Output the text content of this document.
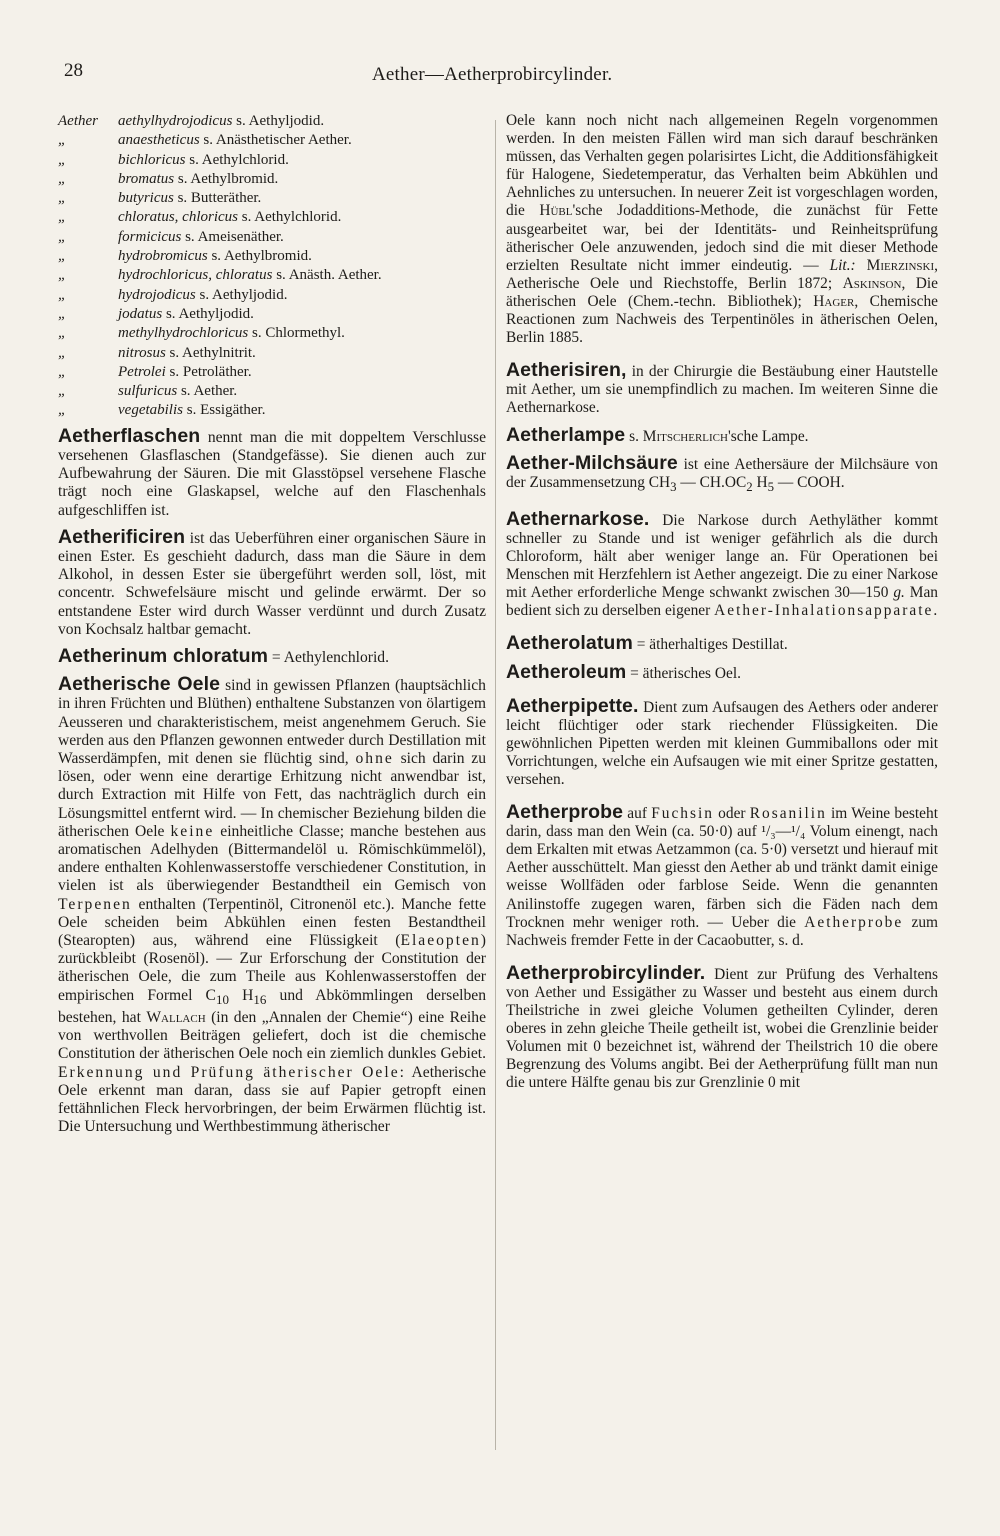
28	Aether—Aetherprobircylinder.
Aether aethylhydrojodicus s. Aethyljodid.
„	anaestheticus s. Anästhetischer Aether.
„	bichloricus s. Aethylchlorid.
„	bromatus s. Aethylbromid.
„	butyricus s. Butteräther.
„	chloratus, chloricus s. Aethylchlorid.
„	formicicus s. Ameisenäther.
„	hydrobromicus s. Aethylbromid.
„	hydrochloricus, chloratus s. Anästh. Aether.
„	hydrojodicus s. Aethyljodid.
„	jodatus s. Aethyljodid.
„	methylhydrochloricus s. Chlormethyl.
„	nitrosus s. Aethylnitrit.
„	Petrolei s. Petroläther.
„	sulfuricus s. Aether.
„	vegetabilis s. Essigäther.

Aetherflaschen nennt man die mit doppeltem Verschlusse versehenen Glasflaschen (Standgefässe). Sie dienen auch zur Aufbewahrung der Säuren. Die mit Glasstöpsel versehene Flasche trägt noch eine Glaskapsel, welche auf den Flaschenhals aufgeschliffen ist.

Aetherificiren ist das Ueberführen einer organischen Säure in einen Ester. Es geschieht dadurch, dass man die Säure in dem Alkohol, in dessen Ester sie übergeführt werden soll, löst, mit concentr. Schwefelsäure mischt und gelinde erwärmt. Der so entstandene Ester wird durch Wasser verdünnt und durch Zusatz von Kochsalz haltbar gemacht.

Aetherinum chloratum = Aethylenchlorid.

Aetherische Oele sind in gewissen Pflanzen (hauptsächlich in ihren Früchten und Blüthen) enthaltene Substanzen von ölartigem Aeusseren und charakteristischem, meist angenehmem Geruch. Sie werden aus den Pflanzen gewonnen entweder durch Destillation mit Wasserdämpfen, mit denen sie flüchtig sind, ohne sich darin zu lösen, oder wenn eine derartige Erhitzung nicht anwendbar ist, durch Extraction mit Hilfe von Fett, das nachträglich durch ein Lösungsmittel entfernt wird. — In chemischer Beziehung bilden die ätherischen Oele keine einheitliche Classe; manche bestehen aus aromatischen Adelhyden (Bittermandelöl u. Römischkümmelöl), andere enthalten Kohlenwasserstoffe verschiedener Constitution, in vielen ist als überwiegender Bestandtheil ein Gemisch von Terpenen enthalten (Terpentinöl, Citronenöl etc.). Manche fette Oele scheiden beim Abkühlen einen festen Bestandtheil (Stearopten) aus, während eine Flüssigkeit (Elaeopten) zurückbleibt (Rosenöl). — Zur Erforschung der Constitution der ätherischen Oele, die zum Theile aus Kohlenwasserstoffen der empirischen Formel $C_{10}$ $H_{16}$ und Abkömmlingen derselben bestehen, hat Wallach (in den „Annalen der Chemie“) eine Reihe von werthvollen Beiträgen geliefert, doch ist die chemische Constitution der ätherischen Oele noch ein ziemlich dunkles Gebiet. Erkennung und Prüfung ätherischer Oele: Aetherische Oele erkennt man daran, dass sie auf Papier getropft einen fettähnlichen Fleck hervorbringen, der beim Erwärmen flüchtig ist. Die Untersuchung und Werthbestimmung ätherischer

Oele kann noch nicht nach allgemeinen Regeln vorgenommen werden. In den meisten Fällen wird man sich darauf beschränken müssen, das Verhalten gegen polarisirtes Licht, die Additionsfähigkeit für Halogene, Siedetemperatur, das Verhalten beim Abkühlen und Aehnliches zu untersuchen. In neuerer Zeit ist vorgeschlagen worden, die Hübl'sche Jodadditions-Methode, die zunächst für Fette ausgearbeitet war, bei der Identitäts- und Reinheitsprüfung ätherischer Oele anzuwenden, jedoch sind die mit dieser Methode erzielten Resultate nicht immer eindeutig. — Lit.: Mierzinski, Aetherische Oele und Riechstoffe, Berlin 1872; Askinson, Die ätherischen Oele (Chem.-techn. Bibliothek); Hager, Chemische Reactionen zum Nachweis des Terpentinöles in ätherischen Oelen, Berlin 1885.

Aetherisiren, in der Chirurgie die Bestäubung einer Hautstelle mit Aether, um sie unempfindlich zu machen. Im weiteren Sinne die Aethernarkose.

Aetherlampe s. Mitscherlich'sche Lampe.

Aether-Milchsäure ist eine Aethersäure der Milchsäure von der Zusammensetzung $CH_3$ — $CH.OC_2$ $H_5$ — COOH.

Aethernarkose. Die Narkose durch Aethyläther kommt schneller zu Stande und ist weniger gefährlich als die durch Chloroform, hält aber weniger lange an. Für Operationen bei Menschen mit Herzfehlern ist Aether angezeigt. Die zu einer Narkose mit Aether erforderliche Menge schwankt zwischen 30—150 g. Man bedient sich zu derselben eigener Aether-Inhalationsapparate.

Aetherolatum = ätherhaltiges Destillat.

Aetheroleum = ätherisches Oel.

Aetherpipette. Dient zum Aufsaugen des Aethers oder anderer leicht flüchtiger oder stark riechender Flüssigkeiten. Die gewöhnlichen Pipetten werden mit kleinen Gummiballons oder mit Vorrichtungen, welche ein Aufsaugen wie mit einer Spritze gestatten, versehen.

Aetherprobe auf Fuchsin oder Rosanilin im Weine besteht darin, dass man den Wein (ca. 50·0) auf ¹/₃—¹/₄ Volum einengt, nach dem Erkalten mit etwas Aetzammon (ca. 5·0) versetzt und hierauf mit Aether ausschüttelt. Man giesst den Aether ab und tränkt damit einige weisse Wollfäden oder farblose Seide. Wenn die genannten Anilinstoffe zugegen waren, färben sich die Fäden nach dem Trocknen mehr weniger roth. — Ueber die Aetherprobe zum Nachweis fremder Fette in der Cacaobutter, s. d.

Aetherprobircylinder. Dient zur Prüfung des Verhaltens von Aether und Essigäther zu Wasser und besteht aus einem durch Theilstriche in zwei gleiche Volumen getheilten Cylinder, deren oberes in zehn gleiche Theile getheilt ist, wobei die Grenzlinie beider Volumen mit 0 bezeichnet ist, während der Theilstrich 10 die obere Begrenzung des Volums angibt. Bei der Aetherprüfung füllt man nun die untere Hälfte genau bis zur Grenzlinie 0 mit
